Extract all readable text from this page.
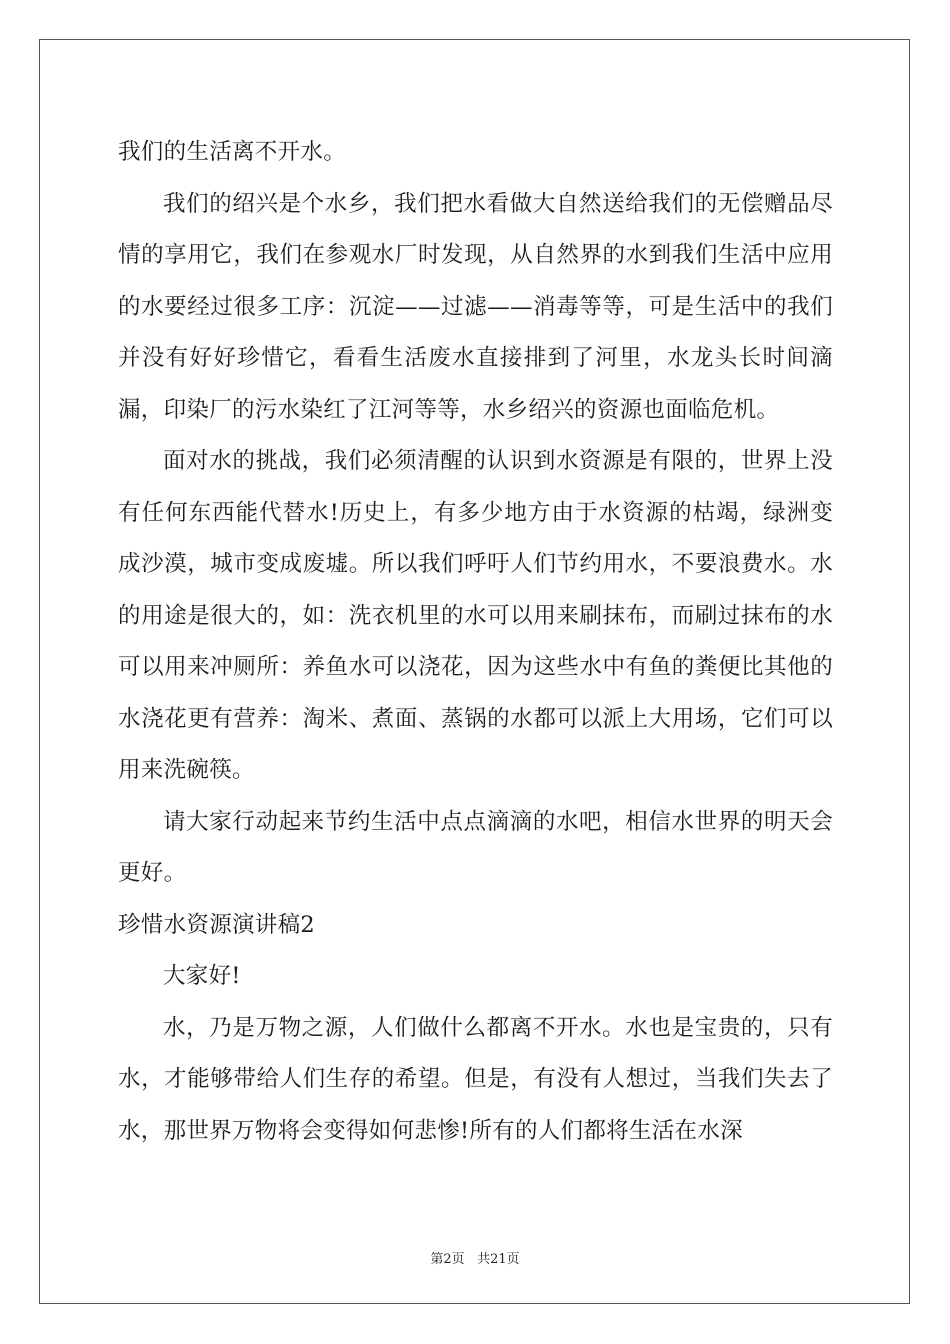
我们的生活离不开水。

我们的绍兴是个水乡，我们把水看做大自然送给我们的无偿赠品尽情的享用它，我们在参观水厂时发现，从自然界的水到我们生活中应用的水要经过很多工序：沉淀——过滤——消毒等等，可是生活中的我们并没有好好珍惜它，看看生活废水直接排到了河里，水龙头长时间滴漏，印染厂的污水染红了江河等等，水乡绍兴的资源也面临危机。

面对水的挑战，我们必须清醒的认识到水资源是有限的，世界上没有任何东西能代替水!历史上，有多少地方由于水资源的枯竭，绿洲变成沙漠，城市变成废墟。所以我们呼吁人们节约用水，不要浪费水。水的用途是很大的，如：洗衣机里的水可以用来刷抹布，而刷过抹布的水可以用来冲厕所：养鱼水可以浇花，因为这些水中有鱼的粪便比其他的水浇花更有营养：淘米、煮面、蒸锅的水都可以派上大用场，它们可以用来洗碗筷。

请大家行动起来节约生活中点点滴滴的水吧，相信水世界的明天会更好。

珍惜水资源演讲稿2

大家好!

水，乃是万物之源，人们做什么都离不开水。水也是宝贵的，只有水，才能够带给人们生存的希望。但是，有没有人想过，当我们失去了水，那世界万物将会变得如何悲惨!所有的人们都将生活在水深

第2页 共21页
